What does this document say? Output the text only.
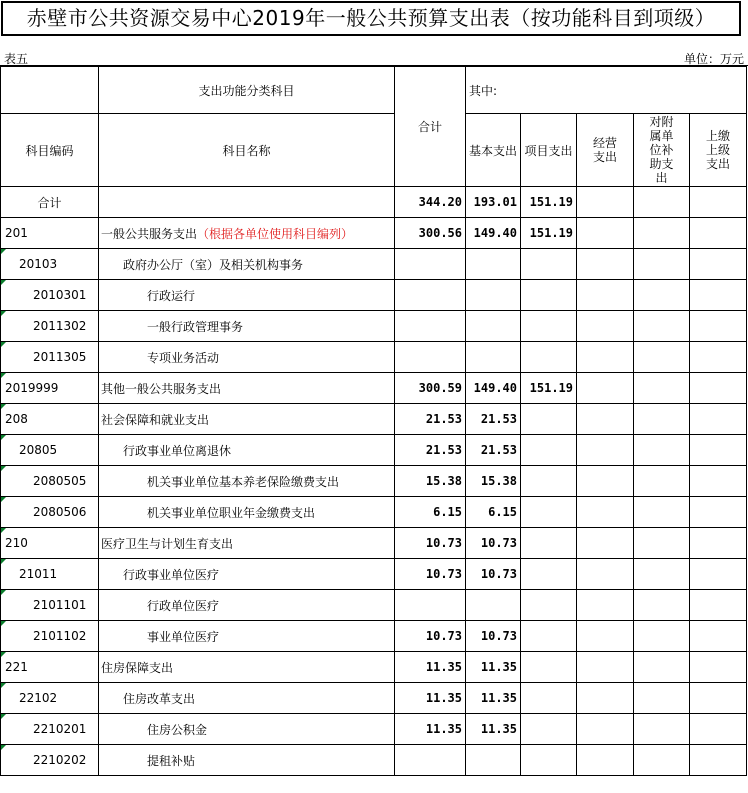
赤壁市公共资源交易中心2019年一般公共预算支出表（按功能科目到项级）
表五	单位：万元
	支出功能分类科目	合计	其中:				
科目编码	科目名称		基本支出	项目支出	经营支出	对附属单位补助支出	上缴上级支出
合计		344.20	193.01	151.19			
201	一般公共服务支出（根据各单位使用科目编列）	300.56	149.40	151.19			
20103	政府办公厅（室）及相关机构事务						
2010301	行政运行						
2011302	一般行政管理事务						
2011305	专项业务活动						
2019999	其他一般公共服务支出	300.59	149.40	151.19			
208	社会保障和就业支出	21.53	21.53				
20805	行政事业单位离退休	21.53	21.53				
2080505	机关事业单位基本养老保险缴费支出	15.38	15.38				
2080506	机关事业单位职业年金缴费支出	6.15	6.15				
210	医疗卫生与计划生育支出	10.73	10.73				
21011	行政事业单位医疗	10.73	10.73				
2101101	行政单位医疗						
2101102	事业单位医疗	10.73	10.73				
221	住房保障支出	11.35	11.35				
22102	住房改革支出	11.35	11.35				
2210201	住房公积金	11.35	11.35				
2210202	提租补贴						
